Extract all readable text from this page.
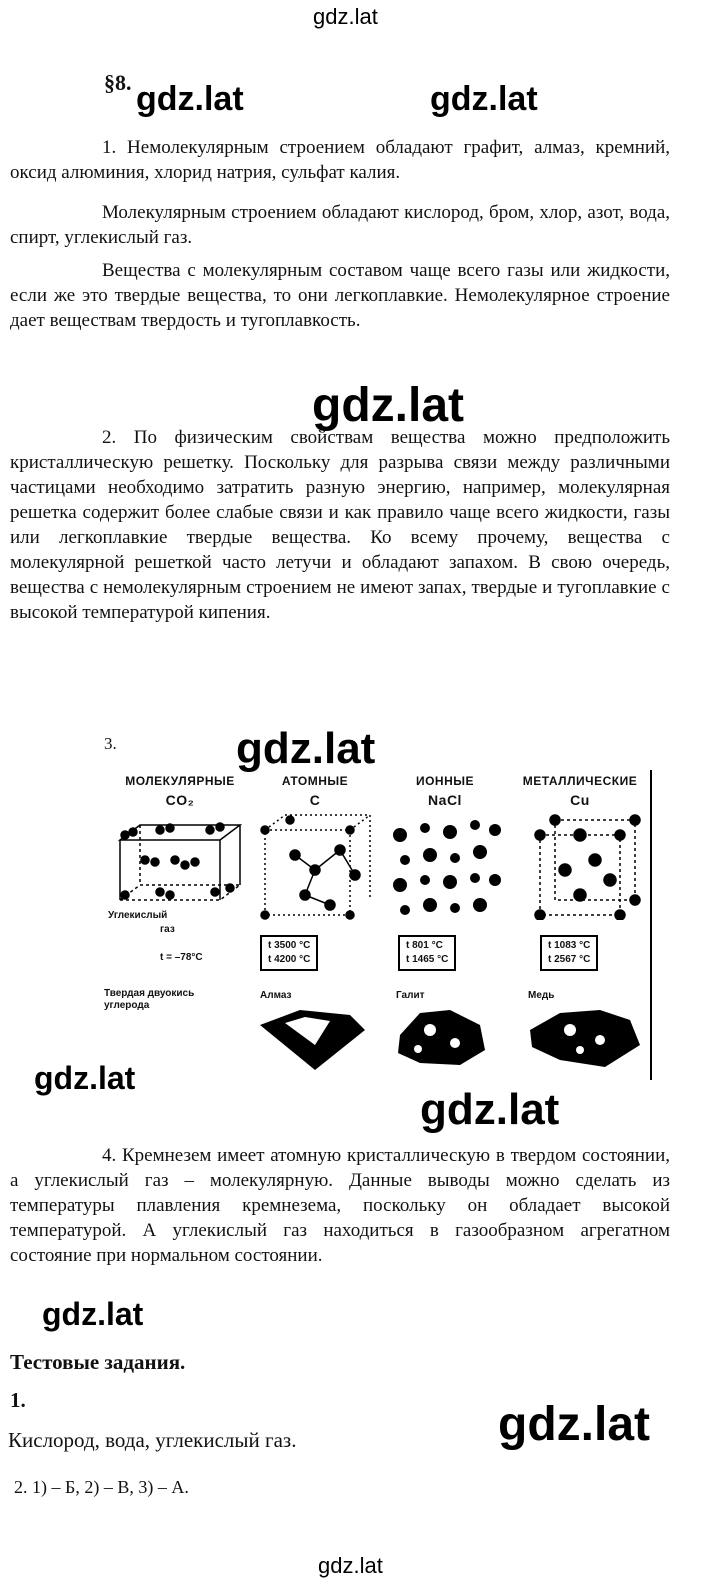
gdz.lat
gdz.lat
§8. gdz.lat	gdz.lat
1. Немолекулярным строением обладают графит, алмаз, кремний, оксид алюминия, хлорид натрия, сульфат калия.
Молекулярным строением обладают кислород, бром, хлор, азот, вода, спирт, углекислый газ.
Вещества с молекулярным составом чаще всего газы или жидкости, если же это твердые вещества, то они легкоплавкие. Немолекулярное строение дает веществам твердость и тугоплавкость.
gdz.lat
2. По физическим свойствам вещества можно предположить кристаллическую решетку. Поскольку для разрыва связи между различными частицами необходимо затратить разную энергию, например, молекулярная решетка содержит более слабые связи и как правило чаще всего жидкости, газы или легкоплавкие твердые вещества. Ко всему прочему, вещества с молекулярной решеткой часто летучи и обладают запахом. В свою очередь, вещества с немолекулярным строением не имеют запах, твердые и тугоплавкие с высокой температурой кипения.
3.	gdz.lat
МОЛЕКУЛЯРНЫЕ
CO₂
АТОМНЫЕ
C
ИОННЫЕ
NaCl
МЕТАЛЛИЧЕСКИЕ
Cu
Углекислый
газ
t = –78°C
t 3500 °C
t 4200 °C
t 801 °C
t 1465 °C
t 1083 °C
t 2567 °C
Твердая двуокись
углерода
Алмаз	Галит	Медь
gdz.lat
gdz.lat
4. Кремнезем имеет атомную кристаллическую в твердом состоянии, а углекислый газ – молекулярную. Данные выводы можно сделать из температуры плавления кремнезема, поскольку он обладает высокой температурой. А углекислый газ находиться в газообразном агрегатном состояние при нормальном состоянии.
gdz.lat
Тестовые задания.
1.	gdz.lat
Кислород, вода, углекислый газ.
2. 1) – Б, 2) – В, 3) – А.
